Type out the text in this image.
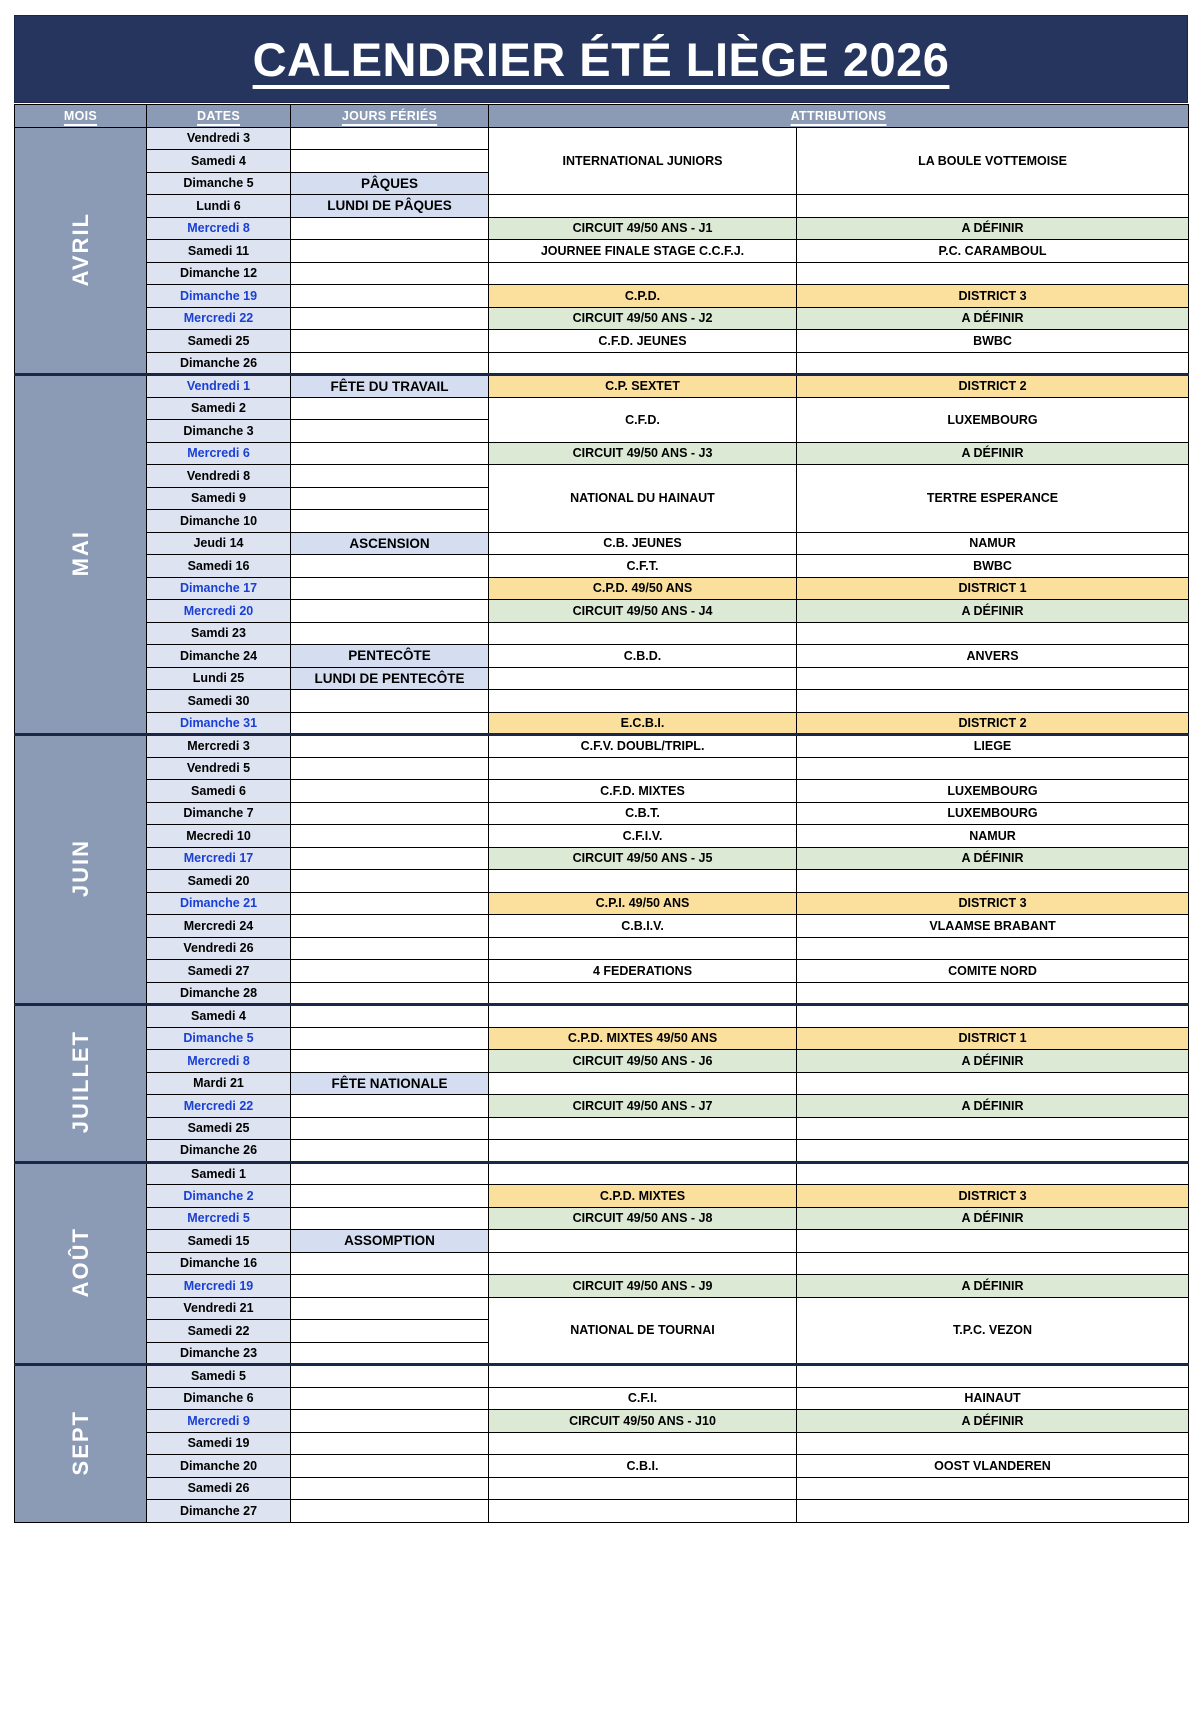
CALENDRIER ÉTÉ LIÈGE 2026
MOIS	DATES	JOURS FÉRIÉS	ATTRIBUTIONS	
AVRIL	Vendredi 3		INTERNATIONAL JUNIORS	LA BOULE VOTTEMOISE
	Samedi 4			
	Dimanche 5	PÂQUES		
	Lundi 6	LUNDI DE PÂQUES		
	Mercredi 8		CIRCUIT 49/50 ANS - J1	A DÉFINIR
	Samedi 11		JOURNEE FINALE STAGE C.C.F.J.	P.C. CARAMBOUL
	Dimanche 12			
	Dimanche 19		C.P.D.	DISTRICT 3
	Mercredi 22		CIRCUIT 49/50 ANS - J2	A DÉFINIR
	Samedi 25		C.F.D. JEUNES	BWBC
	Dimanche 26			
MAI	Vendredi 1	FÊTE DU TRAVAIL	C.P. SEXTET	DISTRICT 2
	Samedi 2		C.F.D.	LUXEMBOURG
	Dimanche 3			
	Mercredi 6		CIRCUIT 49/50 ANS - J3	A DÉFINIR
	Vendredi 8		NATIONAL DU HAINAUT	TERTRE ESPERANCE
	Samedi 9			
	Dimanche 10			
	Jeudi 14	ASCENSION	C.B. JEUNES	NAMUR
	Samedi 16		C.F.T.	BWBC
	Dimanche 17		C.P.D. 49/50 ANS	DISTRICT 1
	Mercredi 20		CIRCUIT 49/50 ANS - J4	A DÉFINIR
	Samdi 23			
	Dimanche 24	PENTECÔTE	C.B.D.	ANVERS
	Lundi 25	LUNDI DE PENTECÔTE		
	Samedi 30			
	Dimanche 31		E.C.B.I.	DISTRICT 2
JUIN	Mercredi 3		C.F.V. DOUBL/TRIPL.	LIEGE
	Vendredi 5			
	Samedi 6		C.F.D. MIXTES	LUXEMBOURG
	Dimanche 7		C.B.T.	LUXEMBOURG
	Mecredi 10		C.F.I.V.	NAMUR
	Mercredi 17		CIRCUIT 49/50 ANS - J5	A DÉFINIR
	Samedi 20			
	Dimanche 21		C.P.I. 49/50 ANS	DISTRICT 3
	Mercredi 24		C.B.I.V.	VLAAMSE BRABANT
	Vendredi 26			
	Samedi 27		4 FEDERATIONS	COMITE NORD
	Dimanche 28			
JUILLET	Samedi 4			
	Dimanche 5		C.P.D. MIXTES 49/50 ANS	DISTRICT 1
	Mercredi 8		CIRCUIT 49/50 ANS - J6	A DÉFINIR
	Mardi 21	FÊTE NATIONALE		
	Mercredi 22		CIRCUIT 49/50 ANS - J7	A DÉFINIR
	Samedi 25			
	Dimanche 26			
AOÛT	Samedi 1			
	Dimanche 2		C.P.D. MIXTES	DISTRICT 3
	Mercredi 5		CIRCUIT 49/50 ANS - J8	A DÉFINIR
	Samedi 15	ASSOMPTION		
	Dimanche 16			
	Mercredi 19		CIRCUIT 49/50 ANS - J9	A DÉFINIR
	Vendredi 21		NATIONAL DE TOURNAI	T.P.C. VEZON
	Samedi 22			
	Dimanche 23			
SEPT	Samedi 5			
	Dimanche 6		C.F.I.	HAINAUT
	Mercredi 9		CIRCUIT 49/50 ANS - J10	A DÉFINIR
	Samedi 19			
	Dimanche 20		C.B.I.	OOST VLANDEREN
	Samedi 26			
	Dimanche 27			
